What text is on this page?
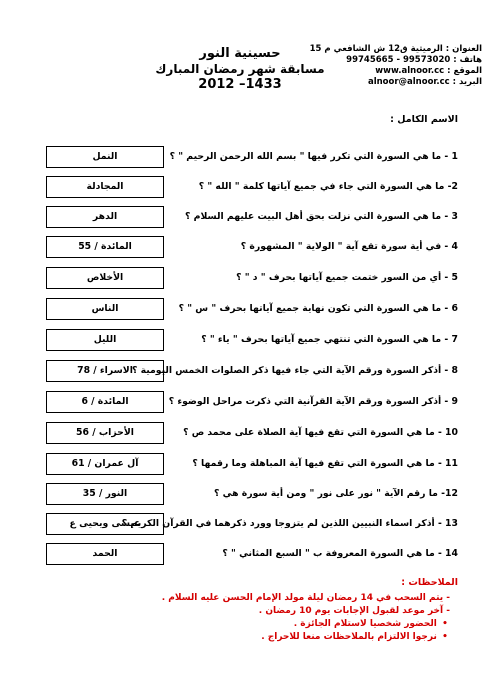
العنوان : الرميثية ق12 ش الشافعي م 15
هاتف : 99573020 - 99745665
الموقع : www.alnoor.cc
البريد : alnoor@alnoor.cc
حسينية النور
مسابقة شهر رمضان المبارك
1433– 2012
الاسم الكامل :
1 - ما هي السورة التي تكرر فيها " بسم الله الرحمن الرحيم " ؟
النمل
2- ما هي السورة التي جاء في جميع آياتها كلمة " الله " ؟
المجادلة
3 - ما هي السورة التي نزلت بحق أهل البيت عليهم السلام ؟
الدهر
4 - في أية سورة تقع آية " الولاية " المشهورة ؟
المائدة / 55
5 - أي من السور ختمت جميع آياتها بحرف " د " ؟
الأخلاص
6 - ما هي السورة التي تكون نهاية جميع آياتها بحرف " س " ؟
الناس
7 - ما هي السورة التي تنتهي جميع آياتها بحرف " ياء " ؟
الليل
8 - أذكر السورة ورقم الآية التي جاء فيها ذكر الصلوات الخمس اليومية ؟
الاسراء / 78
9 - أذكر السورة ورقم الآية القرآنية التي ذكرت مراحل الوضوء ؟
المائدة / 6
10 - ما هي السورة التي تقع فيها آية الصلاة على محمد ص ؟
الأحزاب / 56
11 - ما هي السورة التي تقع فيها آية المباهلة وما رقمها ؟
آل عمران / 61
12- ما رقم الآية " نور على نور " ومن أية سورة هي ؟
النور / 35
13 - أذكر اسماء النبيين اللذين لم يتزوجا وورد ذكرهما في القرآن الكريم ؟
عيسى ويحيى ع
14 - ما هي السورة المعروفة ب " السبع المثاني " ؟
الحمد
الملاحظات :
- يتم السحب في 14 رمضان ليلة مولد الإمام الحسن عليه السلام .
- آخر موعد لقبول الإجابات يوم 10 رمضان .
• الحضور شخصيا لاستلام الجائزة .
• نرجوا الالتزام بالملاحظات منعا للاحراج .
